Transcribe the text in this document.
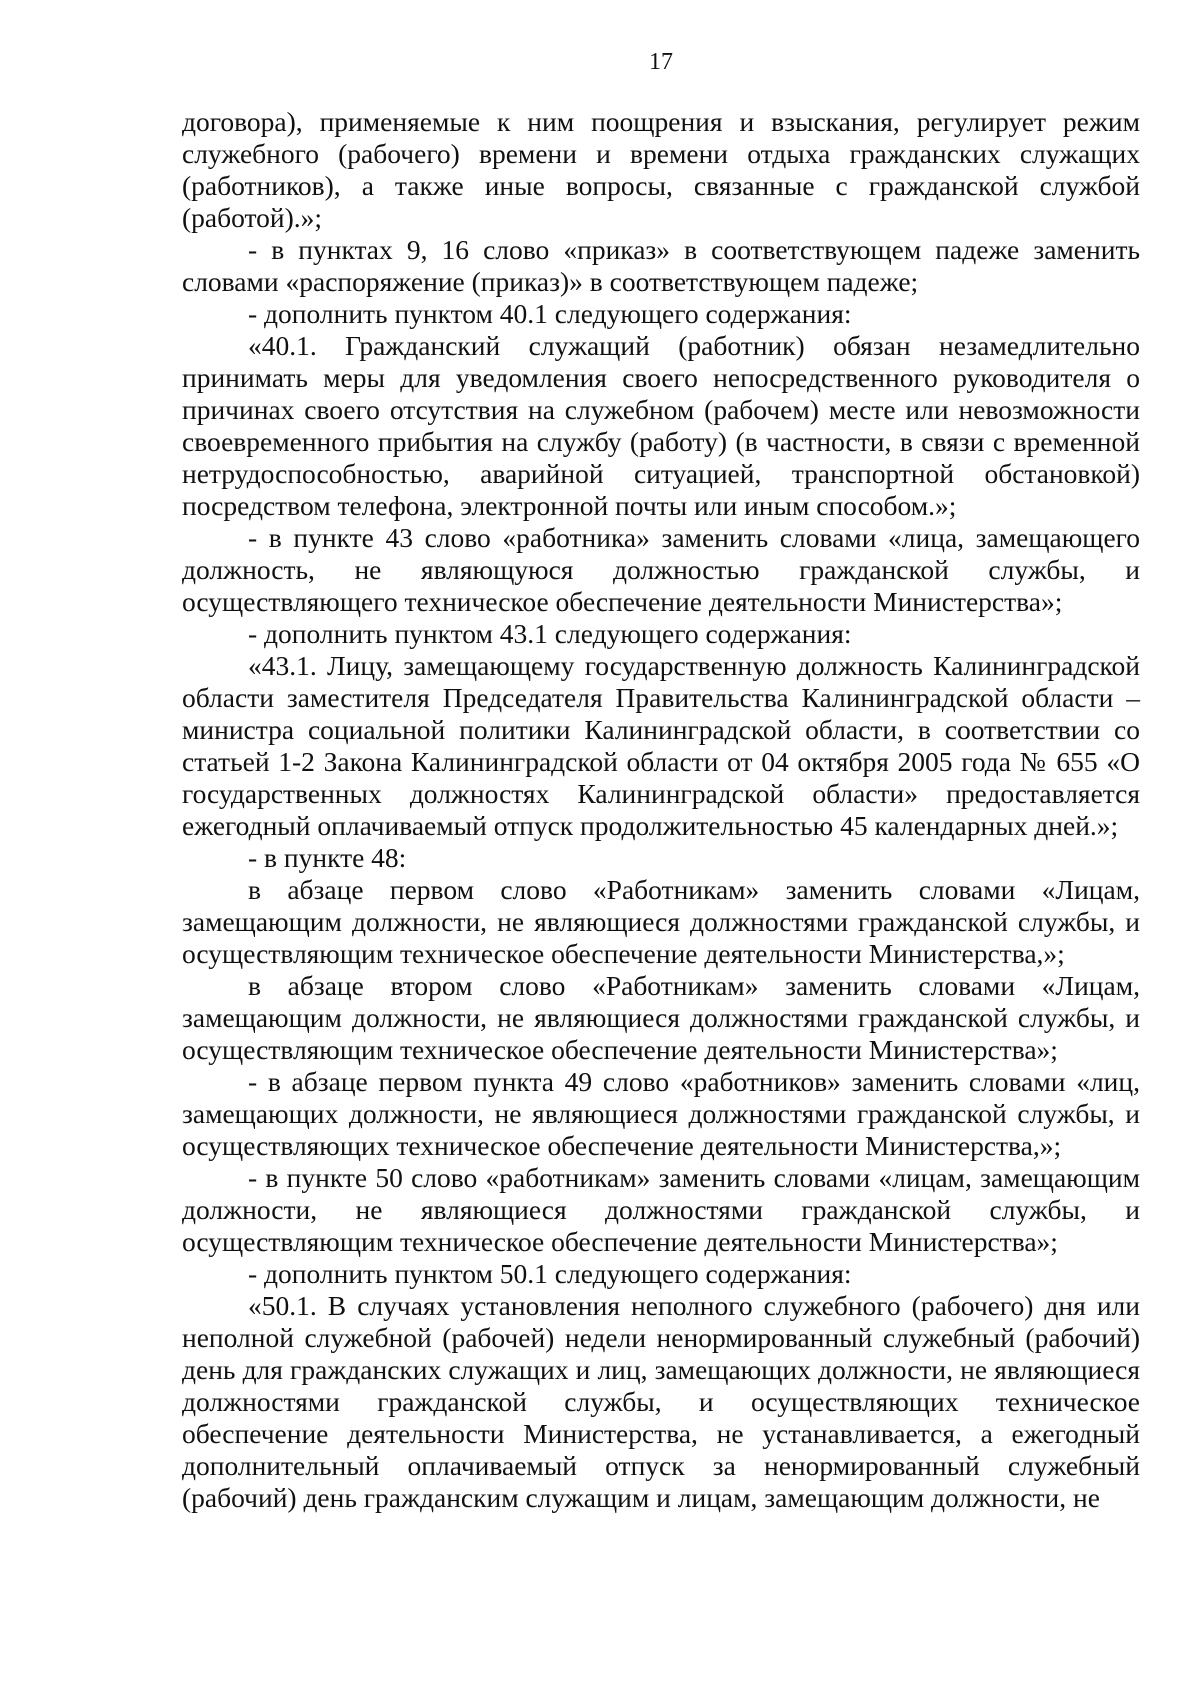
17

договора), применяемые к ним поощрения и взыскания, регулирует режим служебного (рабочего) времени и времени отдыха гражданских служащих (работников), а также иные вопросы, связанные с гражданской службой (работой).»;

- в пунктах 9, 16 слово «приказ» в соответствующем падеже заменить словами «распоряжение (приказ)» в соответствующем падеже;

- дополнить пунктом 40.1 следующего содержания:

«40.1. Гражданский служащий (работник) обязан незамедлительно принимать меры для уведомления своего непосредственного руководителя о причинах своего отсутствия на служебном (рабочем) месте или невозможности своевременного прибытия на службу (работу) (в частности, в связи с временной нетрудоспособностью, аварийной ситуацией, транспортной обстановкой) посредством телефона, электронной почты или иным способом.»;

- в пункте 43 слово «работника» заменить словами «лица, замещающего должность, не являющуюся должностью гражданской службы, и осуществляющего техническое обеспечение деятельности Министерства»;

- дополнить пунктом 43.1 следующего содержания:

«43.1. Лицу, замещающему государственную должность Калининградской области заместителя Председателя Правительства Калининградской области – министра социальной политики Калининградской области, в соответствии со статьей 1-2 Закона Калининградской области от 04 октября 2005 года № 655 «О государственных должностях Калининградской области» предоставляется ежегодный оплачиваемый отпуск продолжительностью 45 календарных дней.»;

- в пункте 48:

в абзаце первом слово «Работникам» заменить словами «Лицам, замещающим должности, не являющиеся должностями гражданской службы, и осуществляющим техническое обеспечение деятельности Министерства,»;

в абзаце втором слово «Работникам» заменить словами «Лицам, замещающим должности, не являющиеся должностями гражданской службы, и осуществляющим техническое обеспечение деятельности Министерства»;

- в абзаце первом пункта 49 слово «работников» заменить словами «лиц, замещающих должности, не являющиеся должностями гражданской службы, и осуществляющих техническое обеспечение деятельности Министерства,»;

- в пункте 50 слово «работникам» заменить словами «лицам, замещающим должности, не являющиеся должностями гражданской службы, и осуществляющим техническое обеспечение деятельности Министерства»;

- дополнить пунктом 50.1 следующего содержания:

«50.1. В случаях установления неполного служебного (рабочего) дня или неполной служебной (рабочей) недели ненормированный служебный (рабочий) день для гражданских служащих и лиц, замещающих должности, не являющиеся должностями гражданской службы, и осуществляющих техническое обеспечение деятельности Министерства, не устанавливается, а ежегодный дополнительный оплачиваемый отпуск за ненормированный служебный (рабочий) день гражданским служащим и лицам, замещающим должности, не
